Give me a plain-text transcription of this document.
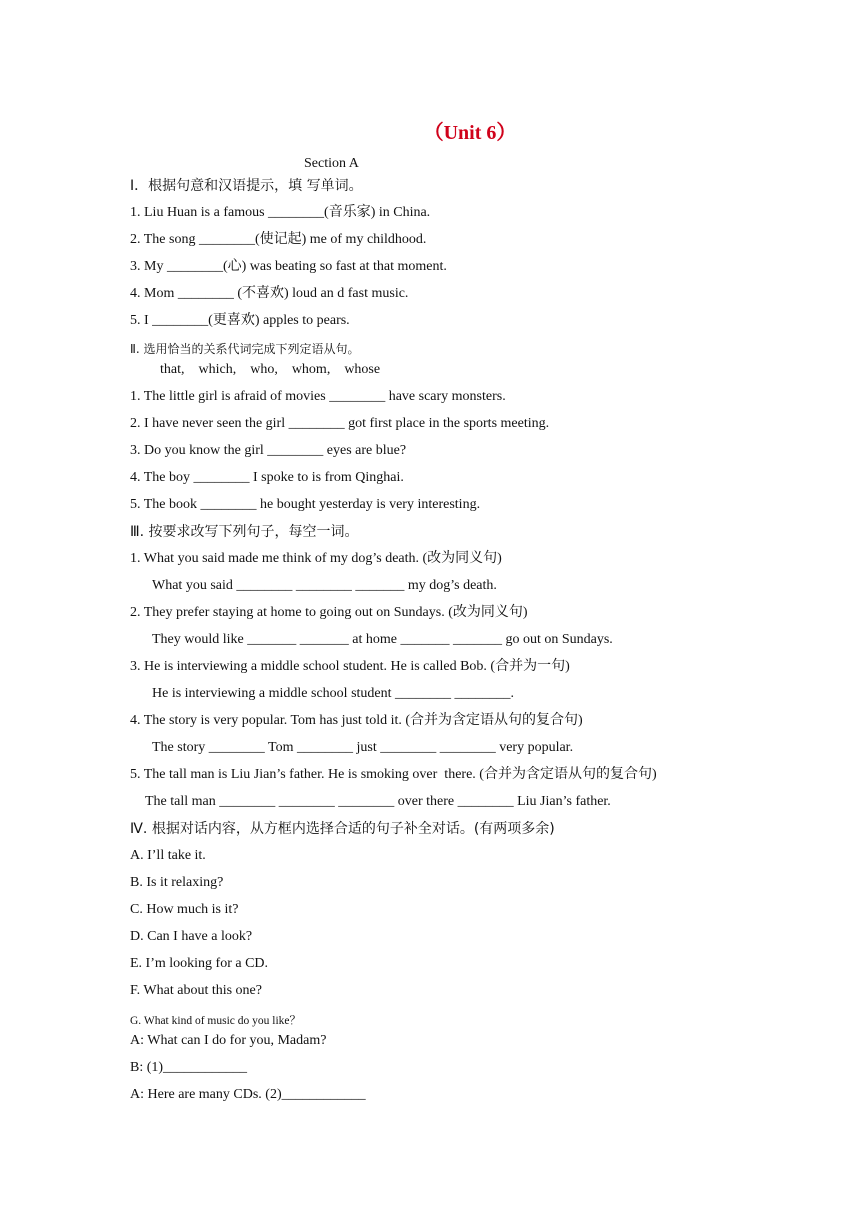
（Unit 6）
Section A
Ⅰ．根据句意和汉语提示，填 写单词。
1. Liu Huan is a famous ________(音乐家) in China.
2. The song ________(使记起) me of my childhood.
3. My ________(心) was beating so fast at that moment.
4. Mom ________ (不喜欢) loud an d fast music.
5. I ________(更喜欢) apples to pears.
Ⅱ. 选用恰当的关系代词完成下列定语从句。
that,    which,    who,    whom,    whose
1. The little girl is afraid of movies ________ have scary monsters.
2. I have never seen the girl ________ got first place in the sports meeting.
3. Do you know the girl ________ eyes are blue?
4. The boy ________ I spoke to is from Qinghai.
5. The book ________ he bought yesterday is very interesting.
Ⅲ. 按要求改写下列句子，每空一词。
1. What you said made me think of my dog’s death. (改为同义句)
What you said ________ ________ _______ my dog’s death.
2. They prefer staying at home to going out on Sundays. (改为同义句)
They would like _______ _______ at home _______ _______ go out on Sundays.
3. He is interviewing a middle school student. He is called Bob. (合并为一句)
He is interviewing a middle school student ________ ________.
4. The story is very popular. Tom has just told it. (合并为含定语从句的复合句)
The story ________ Tom ________ just ________ ________ very popular.
5. The tall man is Liu Jian’s father. He is smoking over  there. (合并为含定语从句的复合句)
The tall man ________ ________ ________ over there ________ Liu Jian’s father.
Ⅳ. 根据对话内容，从方框内选择合适的句子补全对话。(有两项多余)
A. I’ll take it.
B. Is it relaxing?
C. How much is it?
D. Can I have a look?
E. I’m looking for a CD.
F. What about this one?
G. What kind of music do you like？
A: What can I do for you, Madam?
B: (1)____________
A: Here are many CDs. (2)____________
